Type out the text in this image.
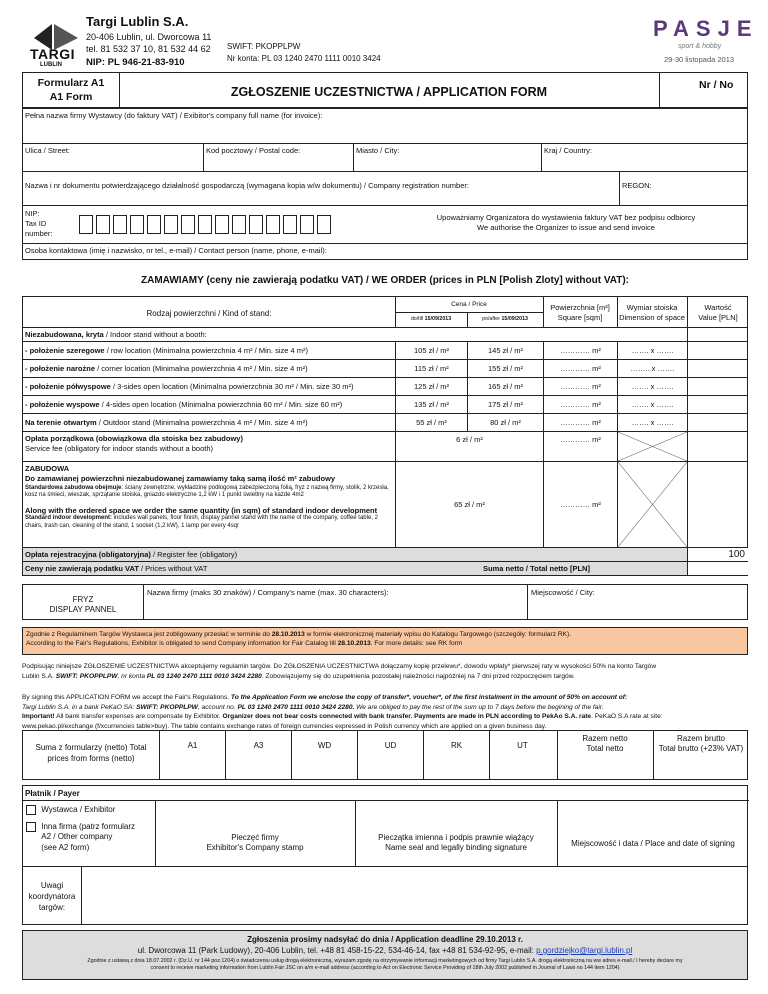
TARGI
LUBLIN
Targi Lublin S.A.
20-406 Lublin, ul. Dworcowa 11
tel. 81 532 37 10, 81 532 44 62
NIP: PL 946-21-83-910
SWIFT: PKOPPLPW
Nr konta: PL 03 1240 2470 1111 0010 3424
PASJE
sport & hobby
29-30 listopada 2013
Formularz A1
A1 Form	ZGŁOSZENIE UCZESTNICTWA / APPLICATION FORM	Nr / No
Pełna nazwa firmy Wystawcy (do faktury VAT) / Exibitor's company full name (for invoice):
Ulica / Street:	Kod pocztowy / Postal code:	Miasto / City:	Kraj / Country:
Nazwa i nr dokumentu potwierdzającego działalność gospodarczą (wymagana kopia w/w dokumentu) / Company registration number:	REGON:
NIP:
Tax ID
number:
Upoważniamy Organizatora do wystawienia faktury VAT bez podpisu odbiorcy
We authorise the Organizer to issue and send invoice
Osoba kontaktowa (imię i nazwisko, nr tel., e-mail) / Contact person (name, phone, e-mail):
ZAMAWIAMY (ceny nie zawierają podatku VAT) / WE ORDER (prices in PLN [Polish Zloty] without VAT):
Rodzaj powierzchni / Kind of stand:
Cena / Price
do/till 15/09/2013	po/after 15/09/2013
Powierzchnia [m²]
Square [sqm]
Wymiar stoiska
Dimension of space
Wartość
Value [PLN]
Niezabudowana, kryta / Indoor stand without a booth:
- położenie szeregowe / row location (Minimalna powierzchnia 4 m² / Min. size 4 m²)	105 zł / m²	145 zł / m²	………… m²	……. x …….
- położenie narożne / corner location (Minimalna powierzchnia 4 m² / Min. size 4 m²)	115 zł / m²	155 zł / m²	………… m²	…….. x …….
- położenie półwyspowe / 3-sides open location (Minimalna powierzchnia 30 m² / Min. size 30 m²)	125 zł / m²	165 zł / m²	………… m²	……. x …….
- położenie wyspowe / 4-sides open location (Minimalna powierzchnia 60 m² / Min. size 60 m²)	135 zł / m²	175 zł / m²	………… m²	……. x …….
Na terenie otwartym / Outdoor stand (Minimalna powierzchnia 4 m² / Min. size 4 m²)	55 zł / m²	80 zł / m²	………… m²	……. x …….
Opłata porządkowa (obowiązkowa dla stoiska bez zabudowy)
Service fee (obligatory for indoor stands without a booth)
6 zł / m²	………… m²
ZABUDOWA
Do zamawianej powierzchni niezabudowanej zamawiamy taką samą ilość m² zabudowy
Standardowa zabudowa obejmuje: ściany zewnętrzne, wykładzinę podłogową zabezpieczoną folią, fryz z nazwą firmy, stolik, 2 krzesła, kosz na śmieci, wieszak, sprzątanie stoiska, gniazdo elektryczne 1,2 kW i 1 punkt świetlny na każde 4m2
Along with the ordered space we order the same quantity (in sqm) of standard indoor development
Standard indoor development: includes wall panels, floor finish, display pannel stand with the name of the company, coffee table, 2 chairs, trash can, cleaning of the stand, 1 socket (1,2 kW), 1 lamp per every 4sqr
65 zł / m²	………… m²
Opłata rejestracyjna (obligatoryjna) / Register fee (obligatory)	100
Ceny nie zawierają podatku VAT / Prices without VAT	Suma netto / Total netto [PLN]
FRYZ
DISPLAY PANNEL
Nazwa firmy (maks 30 znaków) / Company's name (max. 30 characters):	Miejscowość / City:
Zgodnie z Regulaminem Targów Wystawca jest zobligowany przesłać w terminie do 28.10.2013 w formie elektronicznej materiały wpisu do Katalogu Targowego (szczegóły: formularz RK).
According to the Fair's Regulations, Exhibitor is obligated to send Company information for Fair Catalog till 28.10.2013. For more details: see RK form
Podpisując niniejsze ZGŁOSZENIE UCZESTNICTWA akceptujemy regulamin targów. Do ZGŁOSZENIA UCZESTNICTWA dołączamy kopię przelewu*, dowodu wpłaty* pierwszej raty w wysokości 50% na konto Targów
Lublin S.A. SWIFT: PKOPPLPW, nr konta PL 03 1240 2470 1111 0010 3424 2280. Zobowiązujemy się do uzupełnienia pozostałej należności najpóźniej na 7 dni przed rozpoczęciem targów.
By signing this APPLICATION FORM we accept the Fair's Regulations. To the Application Form we enclose the copy of transfer*, voucher*, of the first instalment in the amount of 50% on account of:
Targi Lublin S.A. in a bank PeKaO SA: SWIFT: PKOPPLPW, account no. PL 03 1240 2470 1111 0010 3424 2280. We are obliged to pay the rest of the sum up to 7 days before the begining of the fair.
Important! All bank transfer expenses are compensate by Exhibitor. Organizer does not bear costs connected with bank transfer. Payments are made in PLN according to PekAo S.A. rate. PeKaO S.A rate at site:
www.pekao.pl/exchange (f/xcurrencies table>buy). The table contains exchange rates of foreign currencies expressed in Polish currency which are applied on a given business day.
Suma z formularzy (netto) Total
prices from forms (netto)
A1	A3	WD	UD	RK	UT
Razem netto
Total netto
Razem brutto
Total brutto (+23% VAT)
Płatnik / Payer
Wystawca / Exhibitor

Inna firma (patrz formularz
A2 / Other company
(see A2 form)
Pieczęć firmy
Exhibitor's Company stamp
Pieczątka imienna i podpis prawnie wiążący
Name seal and legally binding signature	Miejscowość i data / Place and date of signing
Uwagi
koordynatora
targów:
Zgłoszenia prosimy nadsyłać do dnia / Application deadline 29.10.2013 r.
ul. Dworcowa 11 (Park Ludowy), 20-406 Lublin, tel. +48 81 458-15-22, 534-46-14, fax +48 81 534-92-95, e-mail: p.gordziejko@targi.lublin.pl
Zgodnie z ustawą z dnia 18.07.2002 r. (Dz.U. nr 144 poz.1204) o świadczeniu usług drogą elektroniczną, wyrażam zgodę na otrzymywanie informacji marketingowych od firmy Targi Lublin S.A. drogą elektroniczną na ww adres e-mail./ I hereby declare my
consent to receive marketing information from Lublin Fair JSC on a/m e-mail address (according to Act on Electronic Service Providing of 18th July 2002 published in Journal of Laws no 144 item 1204)
